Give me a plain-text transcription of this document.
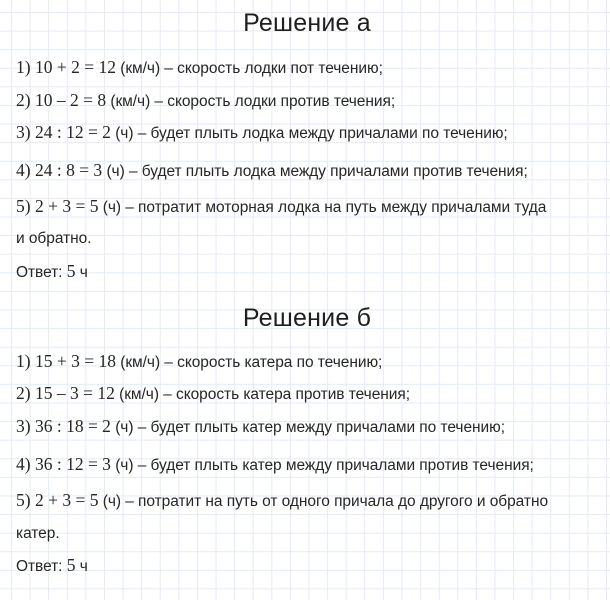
Решение а
1) 10 + 2 = 12 (км/ч) – скорость лодки пот течению;
2) 10 – 2 = 8 (км/ч) – скорость лодки против течения;
3) 24 : 12 = 2 (ч) – будет плыть лодка между причалами по течению;
4) 24 : 8 = 3 (ч) – будет плыть лодка между причалами против течения;
5) 2 + 3 = 5 (ч) – потратит моторная лодка на путь между причалами туда
и обратно.
Ответ: 5 ч
Решение б
1) 15 + 3 = 18 (км/ч) – скорость катера по течению;
2) 15 – 3 = 12 (км/ч) – скорость катера против течения;
3) 36 : 18 = 2 (ч) – будет плыть катер между причалами по течению;
4) 36 : 12 = 3 (ч) – будет плыть катер между причалами против течения;
5) 2 + 3 = 5 (ч) – потратит на путь от одного причала до другого и обратно
катер.
Ответ: 5 ч
